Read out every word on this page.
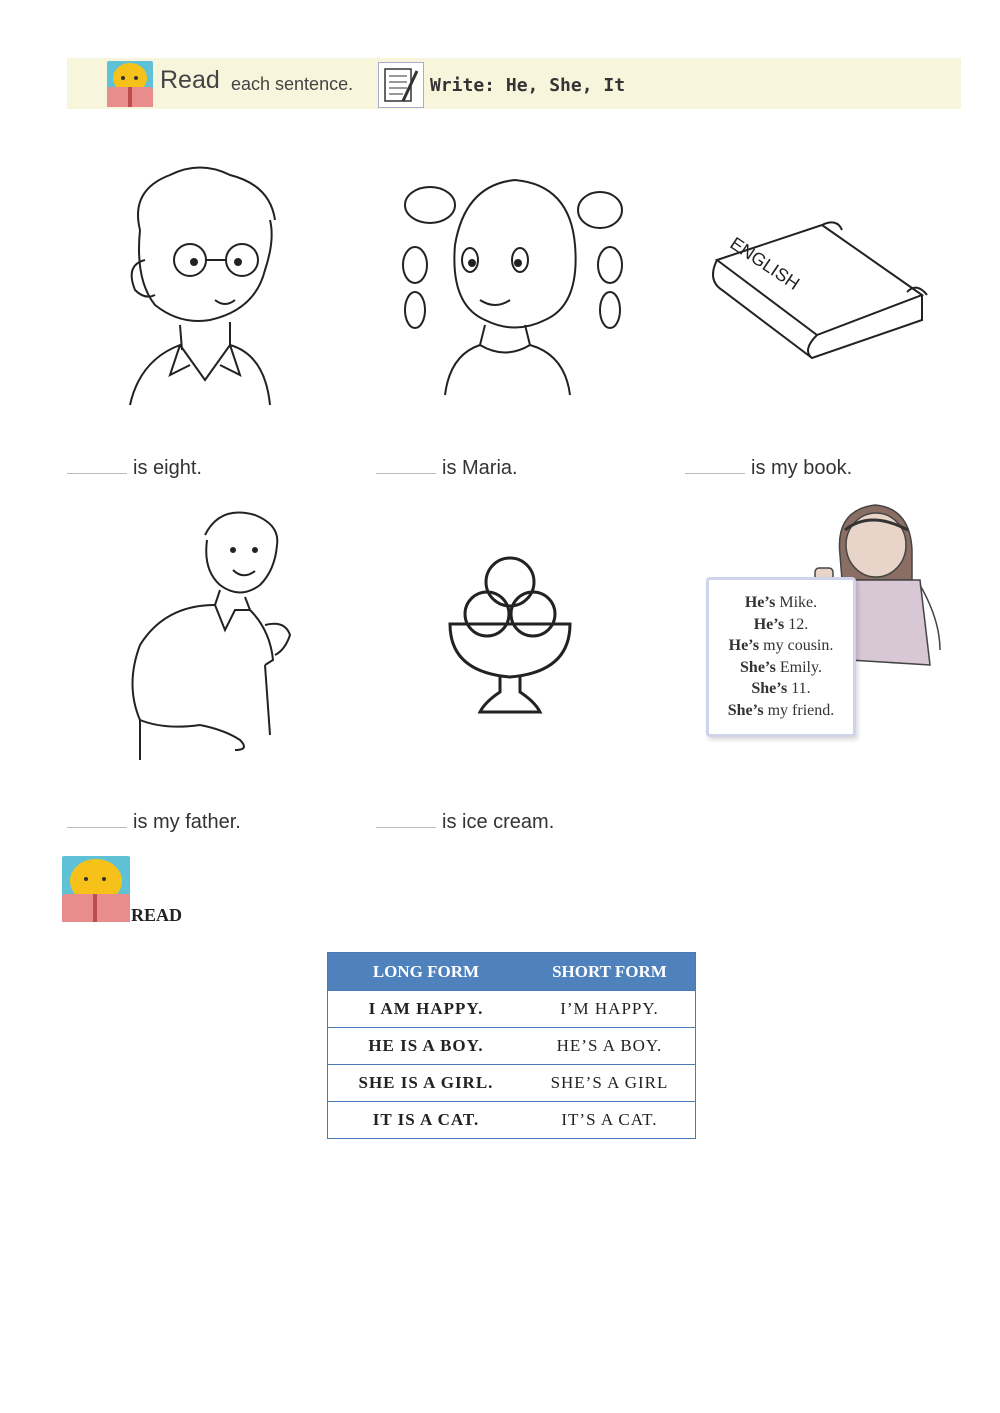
Read each sentence.	Write: He, She, It
ENGLISH
is eight.	is Maria.	is my book.
He’s Mike.
He’s 12.
He’s my cousin.
She’s Emily.
She’s 11.
She’s my friend.
is my father.	is ice cream.
READ
LONG FORM	SHORT FORM
I AM HAPPY.	I’M HAPPY.
HE IS A BOY.	HE’S A BOY.
SHE IS A GIRL.	SHE’S A GIRL
IT IS A CAT.	IT’S A CAT.
